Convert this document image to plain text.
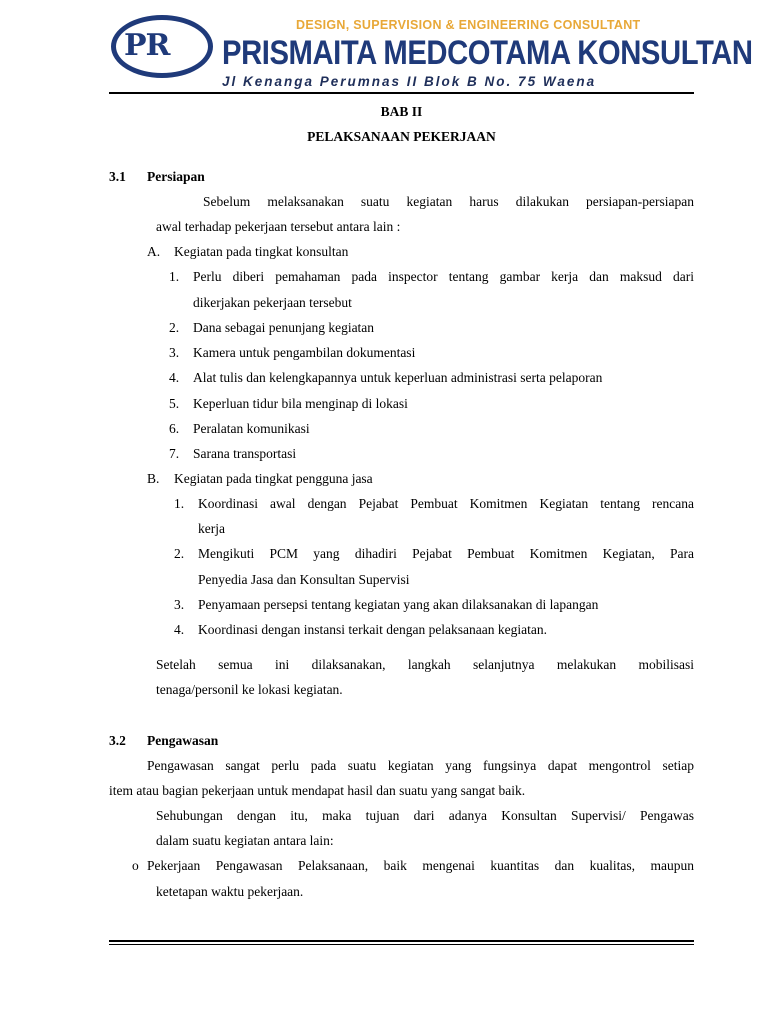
PR
DESIGN, SUPERVISION & ENGINEERING CONSULTANT
PRISMAITA MEDCOTAMA KONSULTAN
Jl Kenanga Perumnas II Blok B No. 75 Waena
BAB II
PELAKSANAAN PEKERJAAN
3.1 Persiapan
Sebelum melaksanakan suatu kegiatan harus dilakukan persiapan-persiapan
awal terhadap pekerjaan tersebut antara lain :
A. Kegiatan pada tingkat konsultan
1. Perlu diberi pemahaman pada inspector tentang gambar kerja dan maksud dari
dikerjakan pekerjaan tersebut
2. Dana sebagai penunjang kegiatan
3. Kamera untuk pengambilan dokumentasi
4. Alat tulis dan kelengkapannya untuk keperluan administrasi serta pelaporan
5. Keperluan tidur bila menginap di lokasi
6. Peralatan komunikasi
7. Sarana transportasi
B. Kegiatan pada tingkat pengguna jasa
1. Koordinasi awal dengan Pejabat Pembuat Komitmen Kegiatan tentang rencana
kerja
2. Mengikuti PCM yang dihadiri Pejabat Pembuat Komitmen Kegiatan, Para
Penyedia Jasa dan Konsultan Supervisi
3. Penyamaan persepsi tentang kegiatan yang akan dilaksanakan di lapangan
4. Koordinasi dengan instansi terkait dengan pelaksanaan kegiatan.
Setelah semua ini dilaksanakan, langkah selanjutnya melakukan mobilisasi
tenaga/personil ke lokasi kegiatan.
3.2 Pengawasan
Pengawasan sangat perlu pada suatu kegiatan yang fungsinya dapat mengontrol setiap
item atau bagian pekerjaan untuk mendapat hasil dan suatu yang sangat baik.
Sehubungan dengan itu, maka tujuan dari adanya Konsultan Supervisi/ Pengawas
dalam suatu kegiatan antara lain:
o Pekerjaan Pengawasan Pelaksanaan, baik mengenai kuantitas dan kualitas, maupun
ketetapan waktu pekerjaan.
